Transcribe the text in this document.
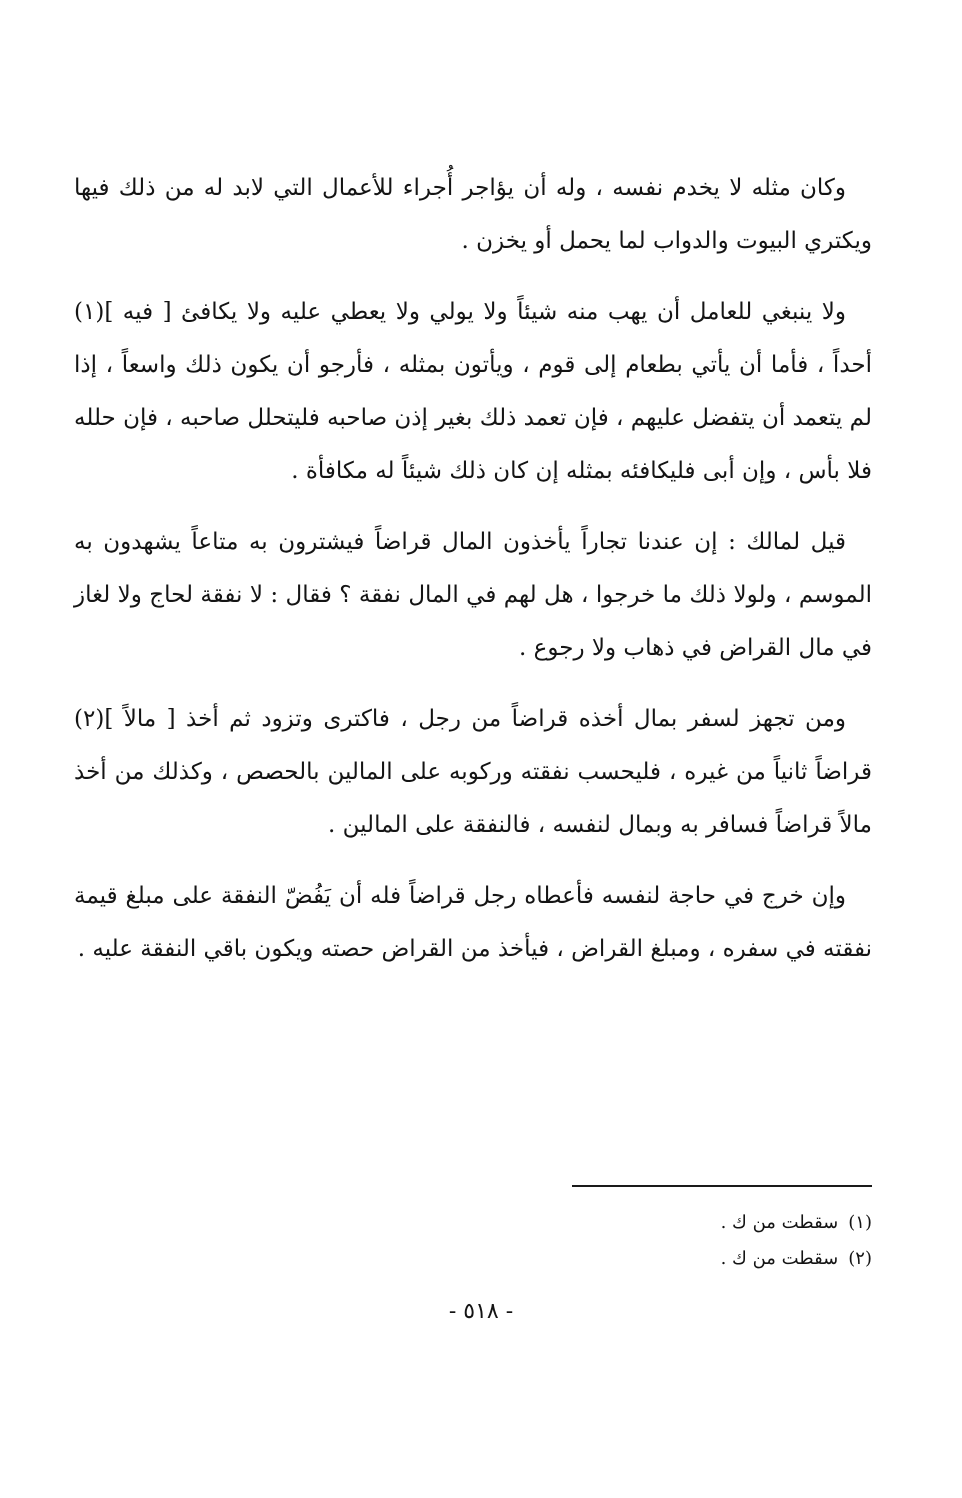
وكان مثله لا يخدم نفسه ، وله أن يؤاجر أُجراء للأعمال التي لابد له من ذلك فيها ويكتري البيوت والدواب لما يحمل أو يخزن .

ولا ينبغي للعامل أن يهب منه شيئاً ولا يولي ولا يعطي عليه ولا يكافئ [ فيه ](١) أحداً ، فأما أن يأتي بطعام إلى قوم ، ويأتون بمثله ، فأرجو أن يكون ذلك واسعاً ، إذا لم يتعمد أن يتفضل عليهم ، فإن تعمد ذلك بغير إذن صاحبه فليتحلل صاحبه ، فإن حلله فلا بأس ، وإن أبى فليكافئه بمثله إن كان ذلك شيئاً له مكافأة .

قيل لمالك : إن عندنا تجاراً يأخذون المال قراضاً فيشترون به متاعاً يشهدون به الموسم ، ولولا ذلك ما خرجوا ، هل لهم في المال نفقة ؟ فقال : لا نفقة لحاج ولا لغاز في مال القراض في ذهاب ولا رجوع .

ومن تجهز لسفر بمال أخذه قراضاً من رجل ، فاكترى وتزود ثم أخذ [ مالاً ](٢) قراضاً ثانياً من غيره ، فليحسب نفقته وركوبه على المالين بالحصص ، وكذلك من أخذ مالاً قراضاً فسافر به وبمال لنفسه ، فالنفقة على المالين .

وإن خرج في حاجة لنفسه فأعطاه رجل قراضاً فله أن يَفُضّ النفقة على مبلغ قيمة نفقته في سفره ، ومبلغ القراض ، فيأخذ من القراض حصته ويكون باقي النفقة عليه .

(١)سقطت من ك .
(٢)سقطت من ك .
- ٥١٨ -
